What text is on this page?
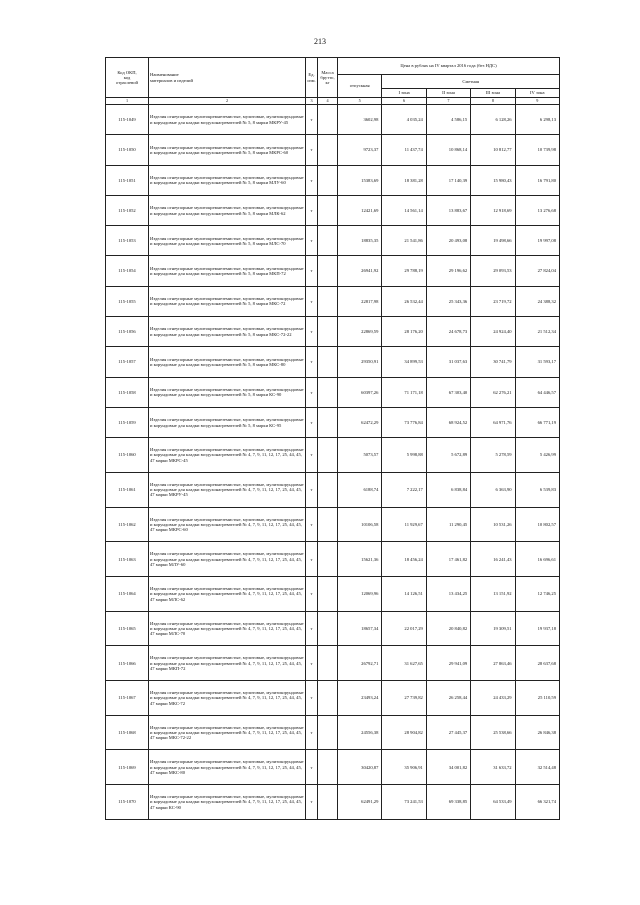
213
Код ОКП,
код
отраслевой	Наименование
материалов и изделий	Ед.
изм.	Масса
брутто,
кг	Цена в рублях на IV квартал 2016 года (без НДС)				
				отпускная	Сметная			
					I зона	II зона	III зона	IV зона
1	2	3	4	5	6	7	8	9
115-1049	Изделия огнеупорные мулитокремнеземистые, мулитовые, мулитокорундовые и корундовые для кладки воздухонагревателей № 5, 8 марки МКРУ-45	т		3602,98	4 035,24	4 586,15	6 128,26	6 298,13
115-1050	Изделия огнеупорные мулитокремнеземистые, мулитовые, мулитокорундовые и корундовые для кладки воздухонагревателей № 5, 8 марки МКРС-60	т		9723,37	11 437,74	10 868,14	10 812,77	10 739,98
115-1051	Изделия огнеупорные мулитокремнеземистые, мулитовые, мулитокорундовые и корундовые для кладки воздухонагревателей № 5, 8 марки МЛУ-60	т		15383,69	18 381,28	17 140,39	15 980,43	16 791,80
115-1052	Изделия огнеупорные мулитокремнеземистые, мулитовые, мулитокорундовые и корундовые для кладки воздухонагревателей № 5, 8 марки МЛК-62	т		12421,69	14 561,14	13 883,67	12 918,69	13 276,68
115-1053	Изделия огнеупорные мулитокремнеземистые, мулитовые, мулитокорундовые и корундовые для кладки воздухонагревателей № 5, 8 марки МЛС-70	т		18835,35	21 541,86	20 493,08	19 498,66	19 997,08
115-1054	Изделия огнеупорные мулитокремнеземистые, мулитовые, мулитокорундовые и корундовые для кладки воздухонагревателей № 5, 8 марки МКП-72	т		26941,92	29 788,19	29 196,62	29 093,53	27 824,04
115-1055	Изделия огнеупорные мулитокремнеземистые, мулитовые, мулитокорундовые и корундовые для кладки воздухонагревателей № 5, 8 марки МКС-72	т		22817,98	26 532,44	25 343,36	23 719,72	24 388,32
115-1056	Изделия огнеупорные мулитокремнеземистые, мулитовые, мулитокорундовые и корундовые для кладки воздухонагревателей № 5, 8 марки МКС-72-22	т		22869,59	28 176,20	24 678,73	24 924,40	21 512,34
115-1057	Изделия огнеупорные мулитокремнеземистые, мулитовые, мулитокорундовые и корундовые для кладки воздухонагревателей № 5, 8 марки МКС-80	т		29350,91	34 899,53	31 037,63	30 741,79	31 593,17
115-1058	Изделия огнеупорные мулитокремнеземистые, мулитовые, мулитокорундовые и корундовые для кладки воздухонагревателей № 5, 8 марки КС-90	т		60397,26	71 171,18	67 303,40	62 276,21	64 446,57
115-1059	Изделия огнеупорные мулитокремнеземистые, мулитовые, мулитокорундовые и корундовые для кладки воздухонагревателей № 5, 8 марки КС-95	т		62472,29	73 776,84	68 924,52	64 971,76	66 771,19
115-1060	Изделия огнеупорные мулитокремнеземистые, мулитовые, мулитокорундовые и корундовые для кладки воздухонагревателей № 4, 7, 9, 11, 12, 17, 25, 44, 45, 47 марки МКРС-45	т		5073,57	5 998,88	5 672,89	5 278,59	5 426,99
115-1061	Изделия огнеупорные мулитокремнеземистые, мулитовые, мулитокорундовые и корундовые для кладки воздухонагревателей № 4, 7, 9, 11, 12, 17, 25, 44, 45, 47 марки МКРУ-45	т		6188,74	7 222,17	6 838,84	6 363,90	6 539,83
115-1062	Изделия огнеупорные мулитокремнеземистые, мулитовые, мулитокорундовые и корундовые для кладки воздухонагревателей № 4, 7, 9, 11, 12, 17, 25, 44, 45, 47 марки МКРС-60	т		10106,58	11 929,67	11 290,45	10 531,26	10 802,57
115-1063	Изделия огнеупорные мулитокремнеземистые, мулитовые, мулитокорундовые и корундовые для кладки воздухонагревателей № 4, 7, 9, 11, 12, 17, 25, 44, 45, 47 марки МЛУ-60	т		15621,36	18 456,24	17 461,82	16 241,43	16 696,61
115-1064	Изделия огнеупорные мулитокремнеземистые, мулитовые, мулитокорундовые и корундовые для кладки воздухонагревателей № 4, 7, 9, 11, 12, 17, 25, 44, 45, 47 марки МЛС-62	т		12069,96	14 126,51	13 434,25	13 151,92	12 746,25
115-1065	Изделия огнеупорные мулитокремнеземистые, мулитовые, мулитокорундовые и корундовые для кладки воздухонагревателей № 4, 7, 9, 11, 12, 17, 25, 44, 45, 47 марки МЛС-70	т		18657,34	22 017,29	20 840,82	19 309,51	19 937,18
115-1066	Изделия огнеупорные мулитокремнеземистые, мулитовые, мулитокорундовые и корундовые для кладки воздухонагревателей № 4, 7, 9, 11, 12, 17, 25, 44, 45, 47 марки МКП-72	т		26792,71	31 627,65	29 941,09	27 863,46	28 637,68
115-1067	Изделия огнеупорные мулитокремнеземистые, мулитовые, мулитокорундовые и корундовые для кладки воздухонагревателей № 4, 7, 9, 11, 12, 17, 25, 44, 45, 47 марки МКС-72	т		23493,24	27 739,82	26 258,44	24 433,29	25 110,59
115-1068	Изделия огнеупорные мулитокремнеземистые, мулитовые, мулитокорундовые и корундовые для кладки воздухонагревателей № 4, 7, 9, 11, 12, 17, 25, 44, 45, 47 марки МКС-72-22	т		24556,38	28 904,82	27 445,37	25 538,66	26 846,38
115-1069	Изделия огнеупорные мулитокремнеземистые, мулитовые, мулитокорундовые и корундовые для кладки воздухонагревателей № 4, 7, 9, 11, 12, 17, 25, 44, 45, 47 марки МКС-80	т		30420,87	35 906,91	34 001,82	31 633,72	32 514,48
115-1070	Изделия огнеупорные мулитокремнеземистые, мулитовые, мулитокорундовые и корундовые для кладки воздухонагревателей № 4, 7, 9, 11, 12, 17, 25, 44, 45, 47 марки КС-90	т		62491,29	73 241,53	69 338,85	64 533,49	66 321,74
